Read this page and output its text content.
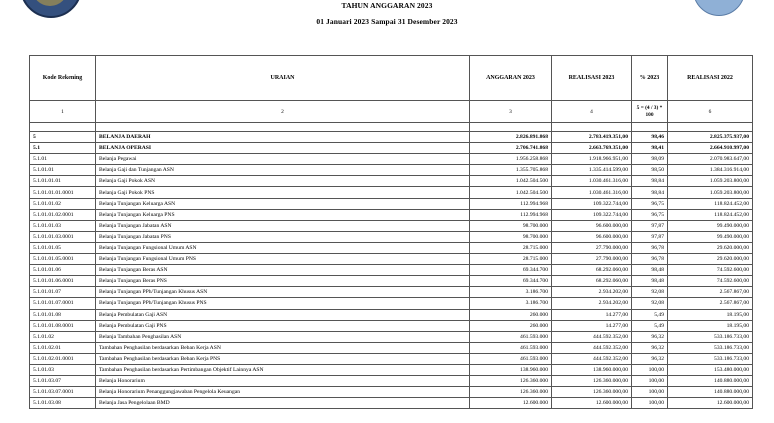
TAHUN ANGGARAN 2023
01 Januari 2023 Sampai 31 Desember 2023
Kode Rekening	URAIAN	ANGGARAN 2023	REALISASI 2023	% 2023	REALISASI 2022
1	2	3	4	5 = (4 / 3) * 100	6

5	BELANJA DAERAH	2.826.891.868	2.783.419.351,00	98,46	2.825.375.937,00
5.1	BELANJA OPERASI	2.706.741.868	2.663.769.351,00	98,41	2.664.910.997,00
5.1.01	Belanja Pegawai	1.956.258.868	1.918.966.951,00	98,09	2.070.983.647,00
5.1.01.01	Belanja Gaji dan Tunjangan ASN	1.355.705.868	1.335.414.599,00	98,50	1.384.316.914,00
5.1.01.01.01	Belanja Gaji Pokok ASN	1.042.504.500	1.030.461.316,00	98,84	1.059.203.800,00
5.1.01.01.01.0001	Belanja Gaji Pokok PNS	1.042.504.500	1.030.461.316,00	98,84	1.059.203.800,00
5.1.01.01.02	Belanja Tunjangan Keluarga ASN	112.994.968	109.322.744,00	96,75	118.824.452,00
5.1.01.01.02.0001	Belanja Tunjangan Keluarga PNS	112.994.968	109.322.744,00	96,75	118.824.452,00
5.1.01.01.03	Belanja Tunjangan Jabatan ASN	98.700.000	96.600.000,00	97,87	99.490.000,00
5.1.01.01.03.0001	Belanja Tunjangan Jabatan PNS	98.700.000	96.600.000,00	97,87	99.490.000,00
5.1.01.01.05	Belanja Tunjangan Fungsional Umum ASN	28.715.000	27.790.000,00	96,78	29.620.000,00
5.1.01.01.05.0001	Belanja Tunjangan Fungsional Umum PNS	28.715.000	27.790.000,00	96,78	29.620.000,00
5.1.01.01.06	Belanja Tunjangan Beras ASN	69.344.700	68.292.060,00	98,48	74.592.600,00
5.1.01.01.06.0001	Belanja Tunjangan Beras PNS	69.344.700	68.292.060,00	98,48	74.592.600,00
5.1.01.01.07	Belanja Tunjangan PPh/Tunjangan Khusus ASN	3.186.700	2.934.202,00	92,08	2.567.867,00
5.1.01.01.07.0001	Belanja Tunjangan PPh/Tunjangan Khusus PNS	3.186.700	2.934.202,00	92,08	2.567.867,00
5.1.01.01.08	Belanja Pembulatan Gaji ASN	260.000	14.277,00	5,49	18.195,00
5.1.01.01.08.0001	Belanja Pembulatan Gaji PNS	260.000	14.277,00	5,49	18.195,00
5.1.01.02	Belanja Tambahan Penghasilan ASN	461.593.000	444.592.352,00	96,32	533.186.733,00
5.1.01.02.01	Tambahan Penghasilan berdasarkan Beban Kerja ASN	461.593.000	444.592.352,00	96,32	533.186.733,00
5.1.01.02.01.0001	Tambahan Penghasilan berdasarkan Beban Kerja PNS	461.593.000	444.592.352,00	96,32	533.186.733,00
5.1.01.03	Tambahan Penghasilan berdasarkan Pertimbangan Objektif Lainnya ASN	138.960.000	138.960.000,00	100,00	153.480.000,00
5.1.01.03.07	Belanja Honorarium	126.360.000	126.360.000,00	100,00	140.880.000,00
5.1.01.03.07.0001	Belanja Honorarium Penanggungjawaban Pengelola Keuangan	126.360.000	126.360.000,00	100,00	140.880.000,00
5.1.01.03.08	Belanja Jasa Pengelolaan BMD	12.600.000	12.600.000,00	100,00	12.600.000,00
